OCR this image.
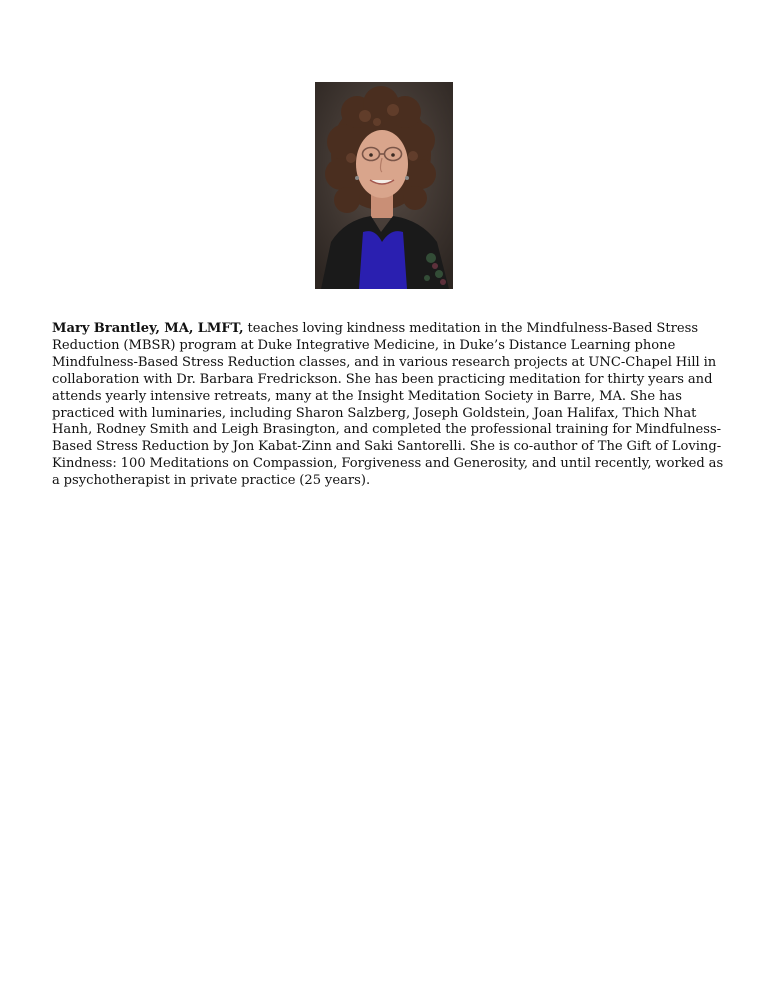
Mary Brantley, MA, LMFT, teaches loving kindness meditation in the Mindfulness-Based Stress Reduction (MBSR) program at Duke Integrative Medicine, in Duke’s Distance Learning phone Mindfulness-Based Stress Reduction classes, and in various research projects at UNC-Chapel Hill in collaboration with Dr. Barbara Fredrickson. She has been practicing meditation for thirty years and attends yearly intensive retreats, many at the Insight Meditation Society in Barre, MA. She has practiced with luminaries, including Sharon Salzberg, Joseph Goldstein, Joan Halifax, Thich Nhat Hanh, Rodney Smith and Leigh Brasington, and completed the professional training for Mindfulness-Based Stress Reduction by Jon Kabat-Zinn and Saki Santorelli. She is co-author of The Gift of Loving-Kindness: 100 Meditations on Compassion, Forgiveness and Generosity, and until recently, worked as a psychotherapist in private practice (25 years).
